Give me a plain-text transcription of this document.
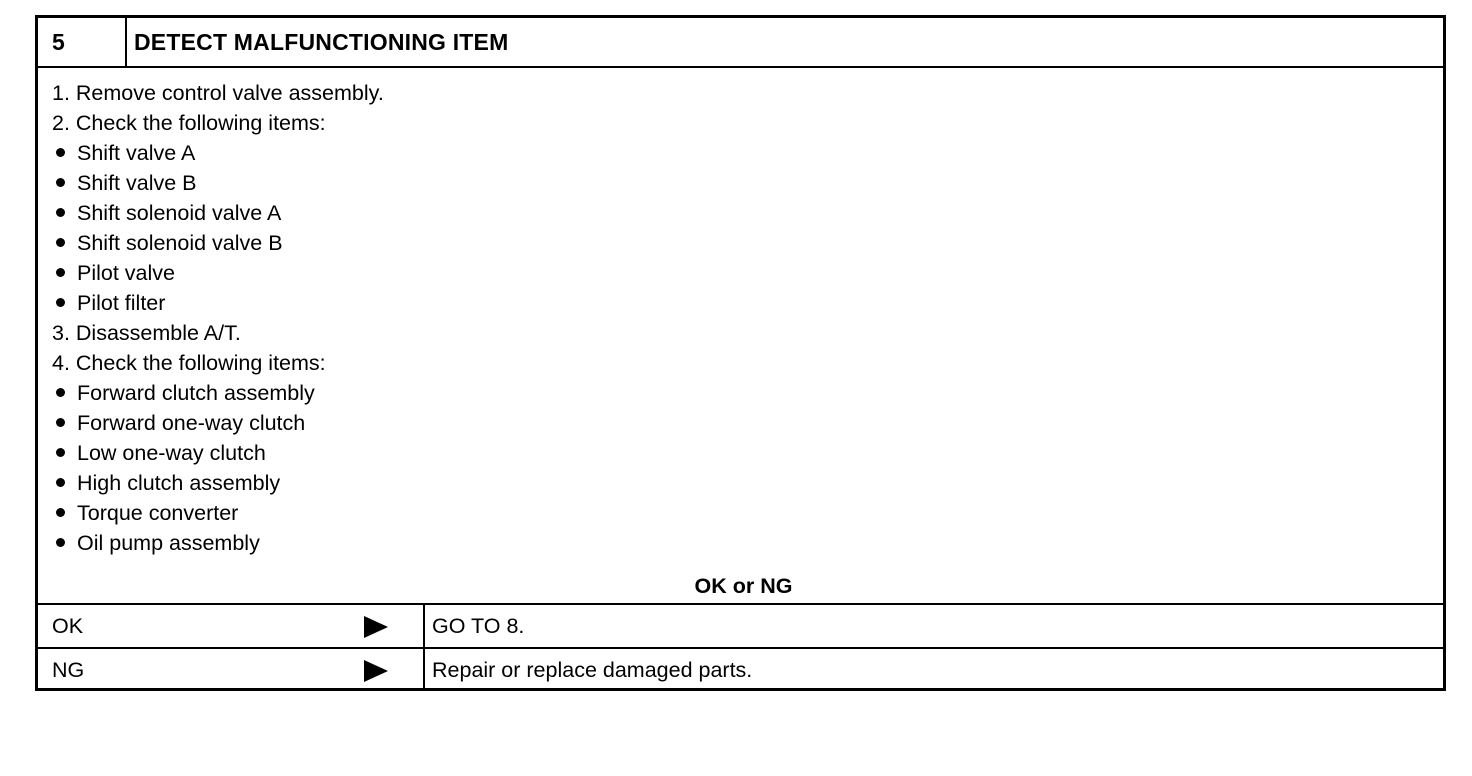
5	DETECT MALFUNCTIONING ITEM
1. Remove control valve assembly.
2. Check the following items:
Shift valve A
Shift valve B
Shift solenoid valve A
Shift solenoid valve B
Pilot valve
Pilot filter
3. Disassemble A/T.
4. Check the following items:
Forward clutch assembly
Forward one-way clutch
Low one-way clutch
High clutch assembly
Torque converter
Oil pump assembly
OK or NG
OK	GO TO 8.
NG	Repair or replace damaged parts.
